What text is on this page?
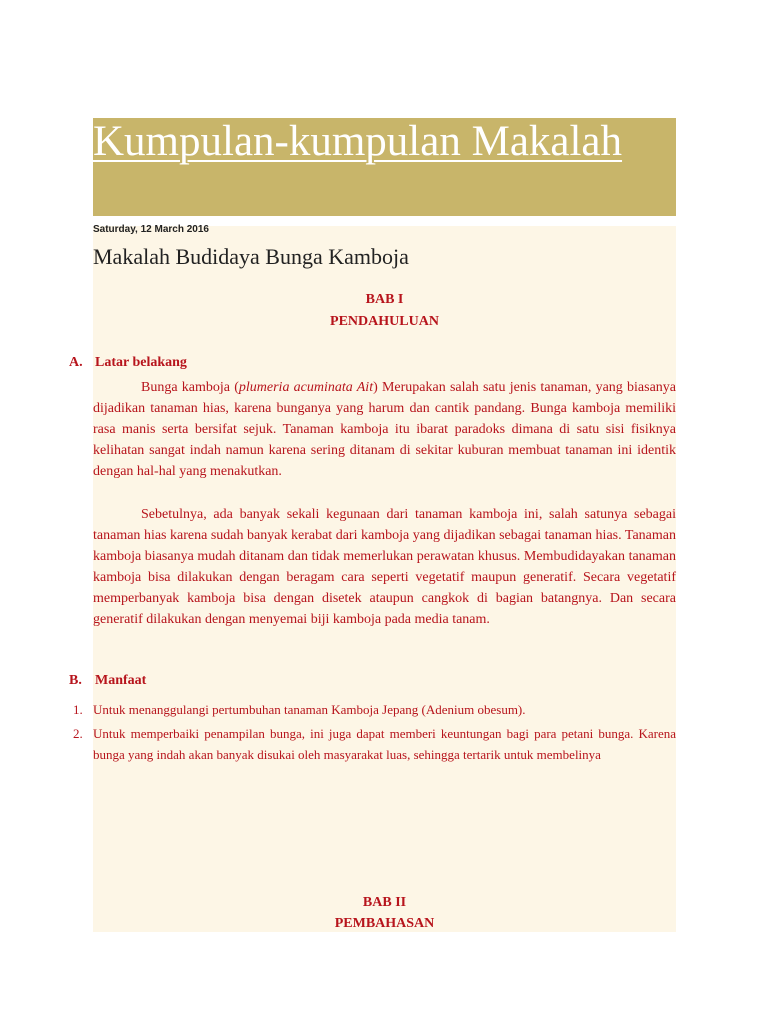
Kumpulan-kumpulan Makalah
Saturday, 12 March 2016
Makalah Budidaya Bunga Kamboja
BAB I
PENDAHULUAN
A. Latar belakang

Bunga kamboja (plumeria acuminata Ait) Merupakan salah satu jenis tanaman, yang biasanya dijadikan tanaman hias, karena bunganya yang harum dan cantik pandang. Bunga kamboja memiliki rasa manis serta bersifat sejuk. Tanaman kamboja itu ibarat paradoks dimana di satu sisi fisiknya kelihatan sangat indah namun karena sering ditanam di sekitar kuburan membuat tanaman ini identik dengan hal-hal yang menakutkan.

Sebetulnya, ada banyak sekali kegunaan dari tanaman kamboja ini, salah satunya sebagai tanaman hias karena sudah banyak kerabat dari kamboja yang dijadikan sebagai tanaman hias. Tanaman kamboja biasanya mudah ditanam dan tidak memerlukan perawatan khusus. Membudidayakan tanaman kamboja bisa dilakukan dengan beragam cara seperti vegetatif maupun generatif. Secara vegetatif memperbanyak kamboja bisa dengan disetek ataupun cangkok di bagian batangnya. Dan secara generatif dilakukan dengan menyemai biji kamboja pada media tanam.

B. Manfaat
1. Untuk menanggulangi pertumbuhan tanaman Kamboja Jepang (Adenium obesum).
2. Untuk memperbaiki penampilan bunga, ini juga dapat memberi keuntungan bagi para petani bunga. Karena bunga yang indah akan banyak disukai oleh masyarakat luas, sehingga tertarik untuk membelinya
BAB II
PEMBAHASAN
